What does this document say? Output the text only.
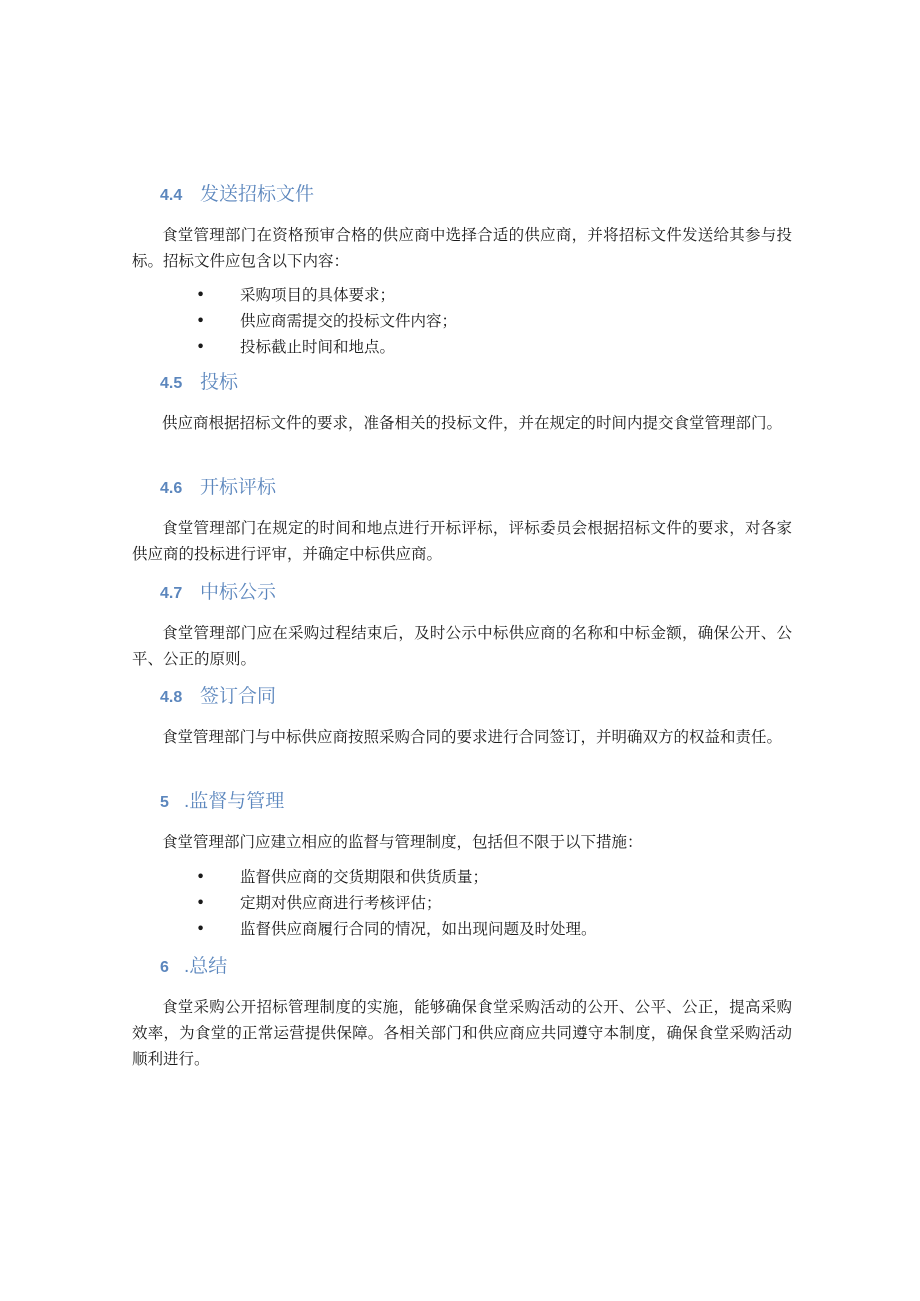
4.4 发送招标文件

食堂管理部门在资格预审合格的供应商中选择合适的供应商，并将招标文件发送给其参与投标。招标文件应包含以下内容：

• 采购项目的具体要求；
• 供应商需提交的投标文件内容；
• 投标截止时间和地点。
4.5 投标

供应商根据招标文件的要求，准备相关的投标文件，并在规定的时间内提交食堂管理部门。

4.6 开标评标

食堂管理部门在规定的时间和地点进行开标评标，评标委员会根据招标文件的要求，对各家供应商的投标进行评审，并确定中标供应商。

4.7 中标公示

食堂管理部门应在采购过程结束后，及时公示中标供应商的名称和中标金额，确保公开、公平、公正的原则。

4.8 签订合同

食堂管理部门与中标供应商按照采购合同的要求进行合同签订，并明确双方的权益和责任。

5 .监督与管理

食堂管理部门应建立相应的监督与管理制度，包括但不限于以下措施：

• 监督供应商的交货期限和供货质量；
• 定期对供应商进行考核评估；
• 监督供应商履行合同的情况，如出现问题及时处理。
6 .总结

食堂采购公开招标管理制度的实施，能够确保食堂采购活动的公开、公平、公正，提高采购效率，为食堂的正常运营提供保障。各相关部门和供应商应共同遵守本制度，确保食堂采购活动顺利进行。
